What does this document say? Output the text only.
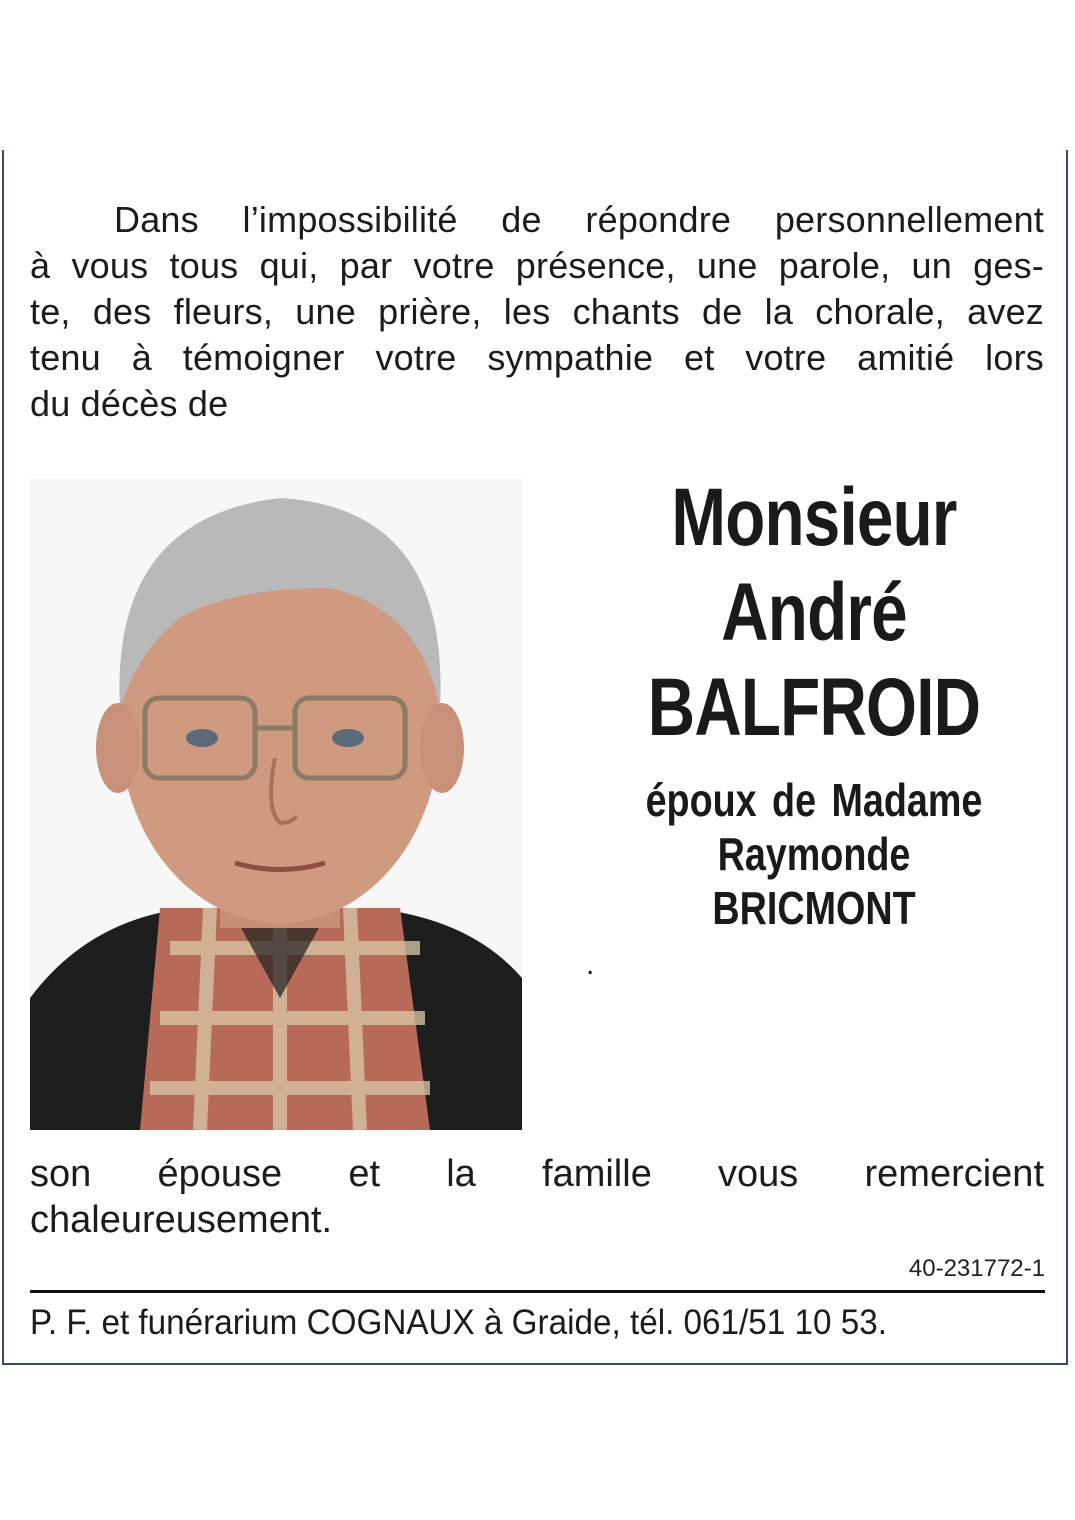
Dans l’impossibilité de répondre personnellement
à vous tous qui, par votre présence, une parole, un ges-
te, des fleurs, une prière, les chants de la chorale, avez
tenu à témoigner votre sympathie et votre amitié lors
du décès de
Monsieur
André
BALFROID
époux de Madame
Raymonde BRICMONT
.
son épouse et la famille vous remercient
chaleureusement.
40-231772-1
P. F. et funérarium COGNAUX à Graide, tél. 061/51 10 53.
